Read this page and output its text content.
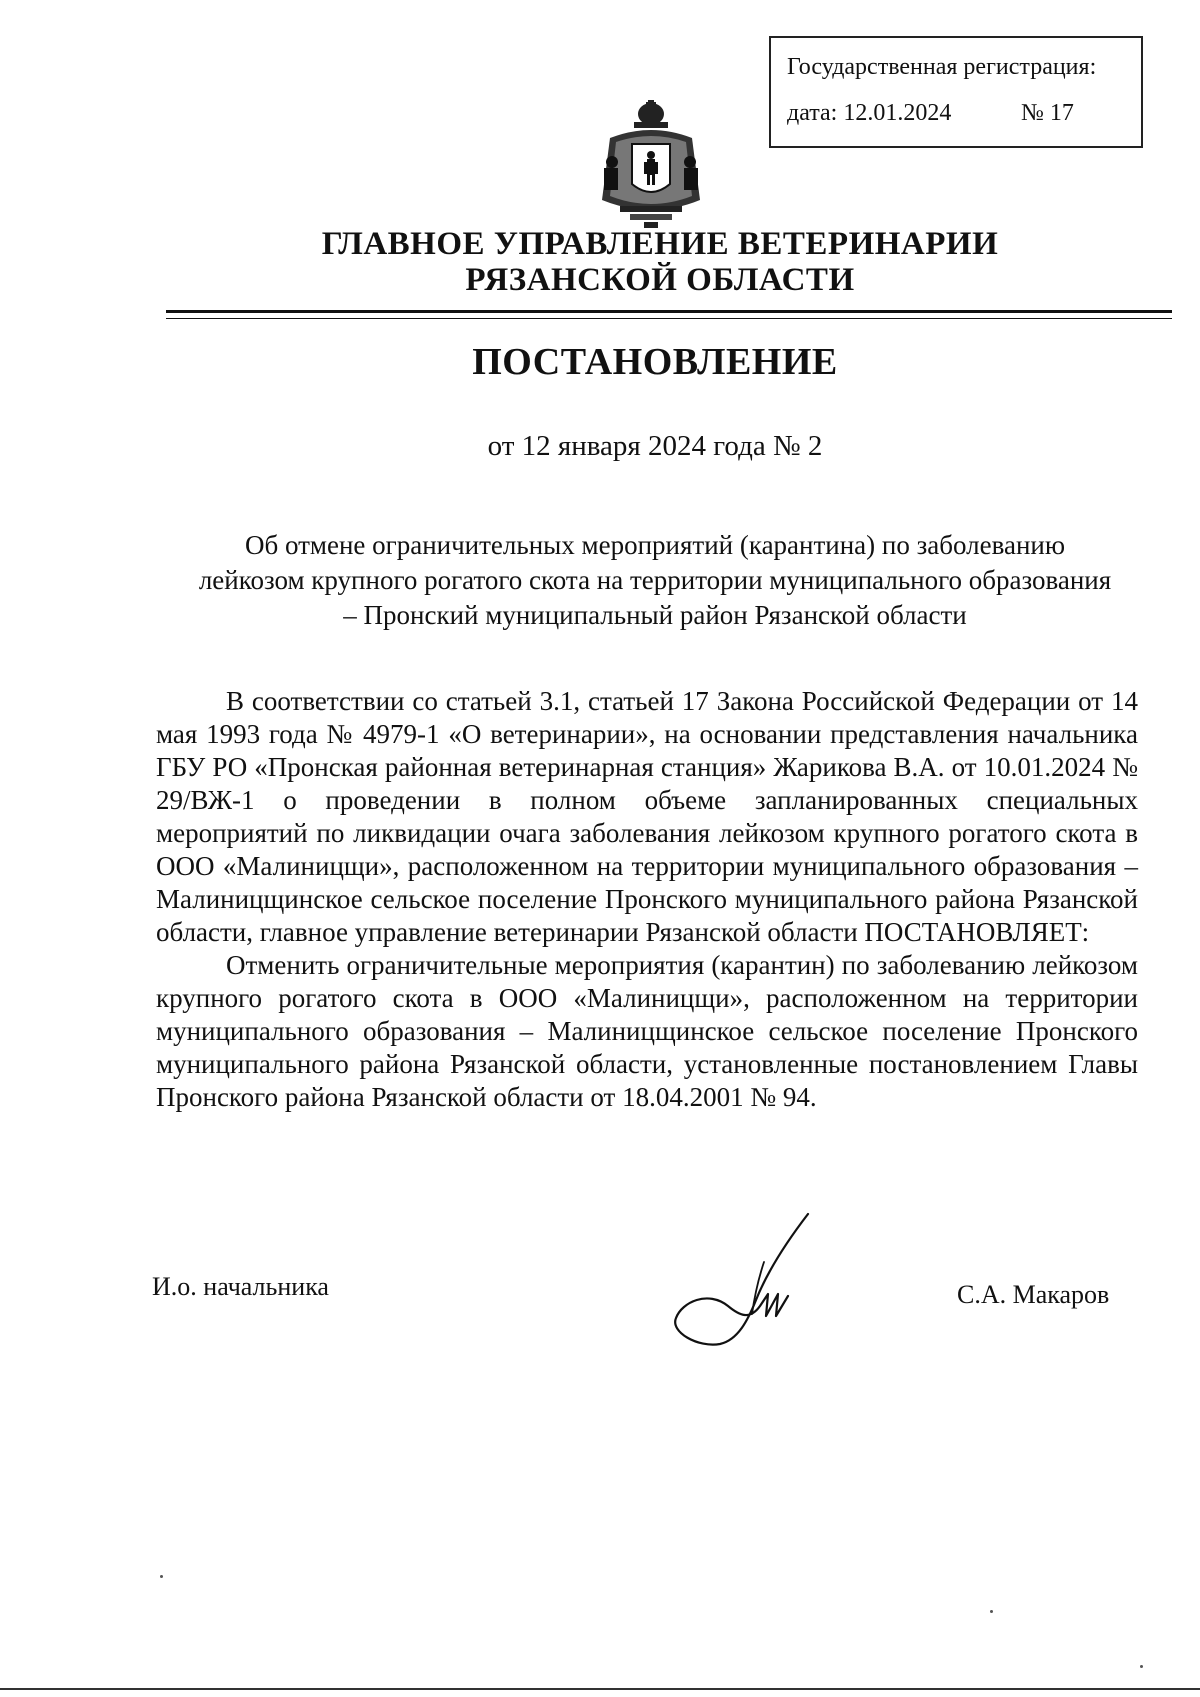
Государственная регистрация:
дата: 12.01.2024	№ 17
ГЛАВНОЕ УПРАВЛЕНИЕ ВЕТЕРИНАРИИ
РЯЗАНСКОЙ ОБЛАСТИ
ПОСТАНОВЛЕНИЕ
от 12 января 2024 года № 2
Об отмене ограничительных мероприятий (карантина) по заболеванию лейкозом крупного рогатого скота на территории муниципального образования – Пронский муниципальный район Рязанской области

В соответствии со статьей 3.1, статьей 17 Закона Российской Федерации от 14 мая 1993 года № 4979-1 «О ветеринарии», на основании представления начальника ГБУ РО «Пронская районная ветеринарная станция» Жарикова В.А. от 10.01.2024 № 29/ВЖ-1 о проведении в полном объеме запланированных специальных мероприятий по ликвидации очага заболевания лейкозом крупного рогатого скота в ООО «Малиницщи», расположенном на территории муниципального образования – Малиницщинское сельское поселение Пронского муниципального района Рязанской области, главное управление ветеринарии Рязанской области ПОСТАНОВЛЯЕТ:

Отменить ограничительные мероприятия (карантин) по заболеванию лейкозом крупного рогатого скота в ООО «Малиницщи», расположенном на территории муниципального образования – Малиницщинское сельское поселение Пронского муниципального района Рязанской области, установленные постановлением Главы Пронского района Рязанской области от 18.04.2001 № 94.

И.о. начальника	С.А. Макаров
